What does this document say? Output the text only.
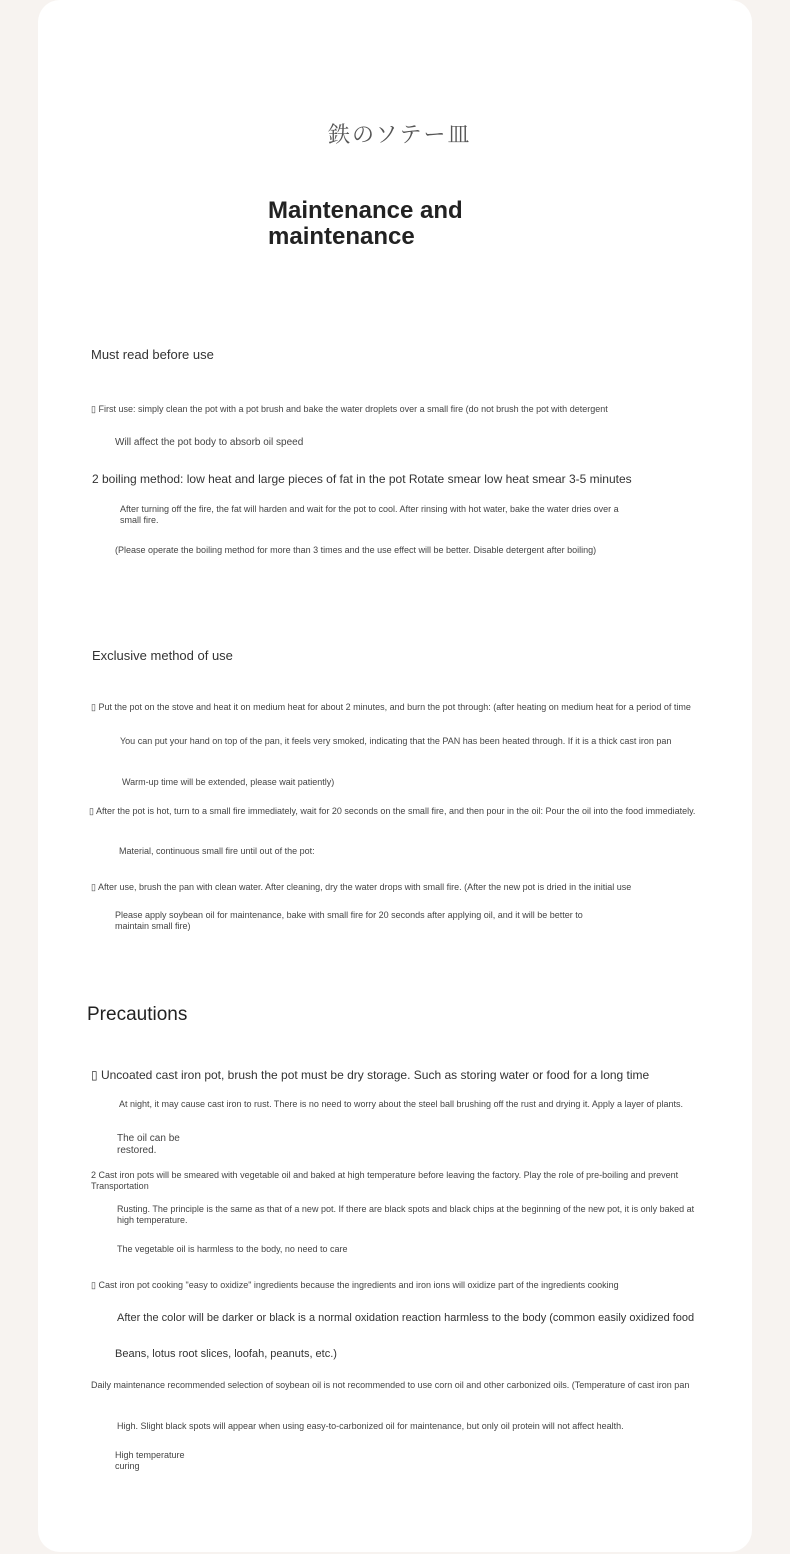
鉄のソテー皿
Maintenance and maintenance

Must read before use

▯ First use: simply clean the pot with a pot brush and bake the water droplets over a small fire (do not brush the pot with detergent

Will affect the pot body to absorb oil speed

2 boiling method: low heat and large pieces of fat in the pot Rotate smear low heat smear 3-5 minutes

After turning off the fire, the fat will harden and wait for the pot to cool. After rinsing with hot water, bake the water dries over a small fire.

(Please operate the boiling method for more than 3 times and the use effect will be better. Disable detergent after boiling)

Exclusive method of use

▯ Put the pot on the stove and heat it on medium heat for about 2 minutes, and burn the pot through: (after heating on medium heat for a period of time

You can put your hand on top of the pan, it feels very smoked, indicating that the PAN has been heated through. If it is a thick cast iron pan

Warm-up time will be extended, please wait patiently)

▯ After the pot is hot, turn to a small fire immediately, wait for 20 seconds on the small fire, and then pour in the oil: Pour the oil into the food immediately.

Material, continuous small fire until out of the pot:

▯ After use, brush the pan with clean water. After cleaning, dry the water drops with small fire. (After the new pot is dried in the initial use

Please apply soybean oil for maintenance, bake with small fire for 20 seconds after applying oil, and it will be better to maintain small fire)

Precautions

▯ Uncoated cast iron pot, brush the pot must be dry storage. Such as storing water or food for a long time

At night, it may cause cast iron to rust. There is no need to worry about the steel ball brushing off the rust and drying it. Apply a layer of plants.

The oil can be restored.

2 Cast iron pots will be smeared with vegetable oil and baked at high temperature before leaving the factory. Play the role of pre-boiling and prevent Transportation

Rusting. The principle is the same as that of a new pot. If there are black spots and black chips at the beginning of the new pot, it is only baked at high temperature.

The vegetable oil is harmless to the body, no need to care

▯ Cast iron pot cooking "easy to oxidize" ingredients because the ingredients and iron ions will oxidize part of the ingredients cooking

After the color will be darker or black is a normal oxidation reaction harmless to the body (common easily oxidized food

Beans, lotus root slices, loofah, peanuts, etc.)

Daily maintenance recommended selection of soybean oil is not recommended to use corn oil and other carbonized oils. (Temperature of cast iron pan

High. Slight black spots will appear when using easy-to-carbonized oil for maintenance, but only oil protein will not affect health.

High temperature curing
